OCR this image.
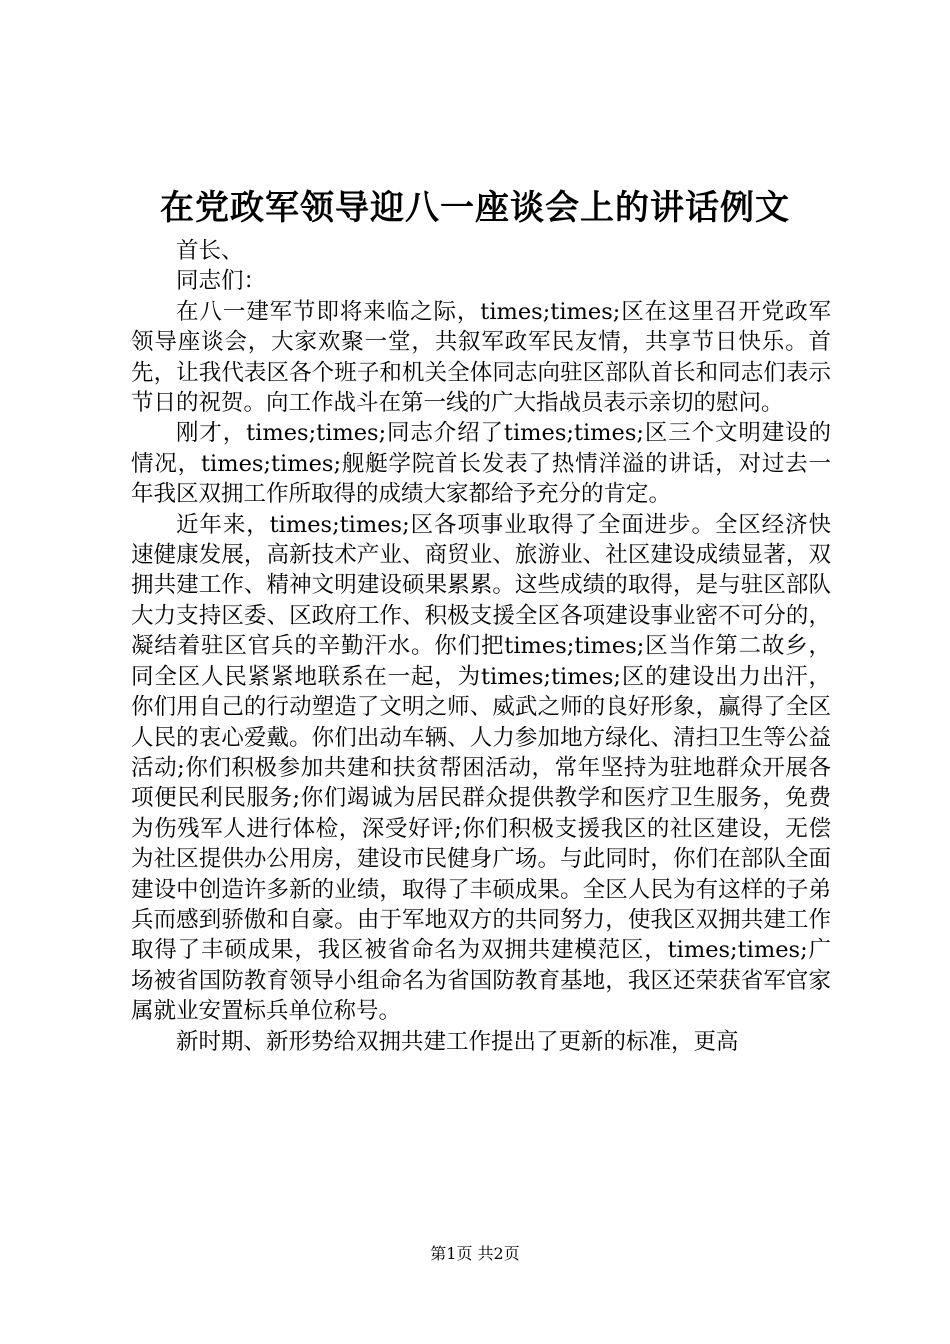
在党政军领导迎八一座谈会上的讲话例文

首长、

同志们：

在八一建军节即将来临之际，times;times;区在这里召开党政军领导座谈会，大家欢聚一堂，共叙军政军民友情，共享节日快乐。首先，让我代表区各个班子和机关全体同志向驻区部队首长和同志们表示节日的祝贺。向工作战斗在第一线的广大指战员表示亲切的慰问。

刚才，times;times;同志介绍了times;times;区三个文明建设的情况，times;times;舰艇学院首长发表了热情洋溢的讲话，对过去一年我区双拥工作所取得的成绩大家都给予充分的肯定。

近年来，times;times;区各项事业取得了全面进步。全区经济快速健康发展，高新技术产业、商贸业、旅游业、社区建设成绩显著，双拥共建工作、精神文明建设硕果累累。这些成绩的取得，是与驻区部队大力支持区委、区政府工作、积极支援全区各项建设事业密不可分的，凝结着驻区官兵的辛勤汗水。你们把times;times;区当作第二故乡，同全区人民紧紧地联系在一起，为times;times;区的建设出力出汗，你们用自己的行动塑造了文明之师、威武之师的良好形象，赢得了全区人民的衷心爱戴。你们出动车辆、人力参加地方绿化、清扫卫生等公益活动;你们积极参加共建和扶贫帮困活动，常年坚持为驻地群众开展各项便民利民服务;你们竭诚为居民群众提供教学和医疗卫生服务，免费为伤残军人进行体检，深受好评;你们积极支援我区的社区建设，无偿为社区提供办公用房，建设市民健身广场。与此同时，你们在部队全面建设中创造许多新的业绩，取得了丰硕成果。全区人民为有这样的子弟兵而感到骄傲和自豪。由于军地双方的共同努力，使我区双拥共建工作取得了丰硕成果，我区被省命名为双拥共建模范区，times;times;广场被省国防教育领导小组命名为省国防教育基地，我区还荣获省军官家属就业安置标兵单位称号。

新时期、新形势给双拥共建工作提出了更新的标准，更高

第1页 共2页
